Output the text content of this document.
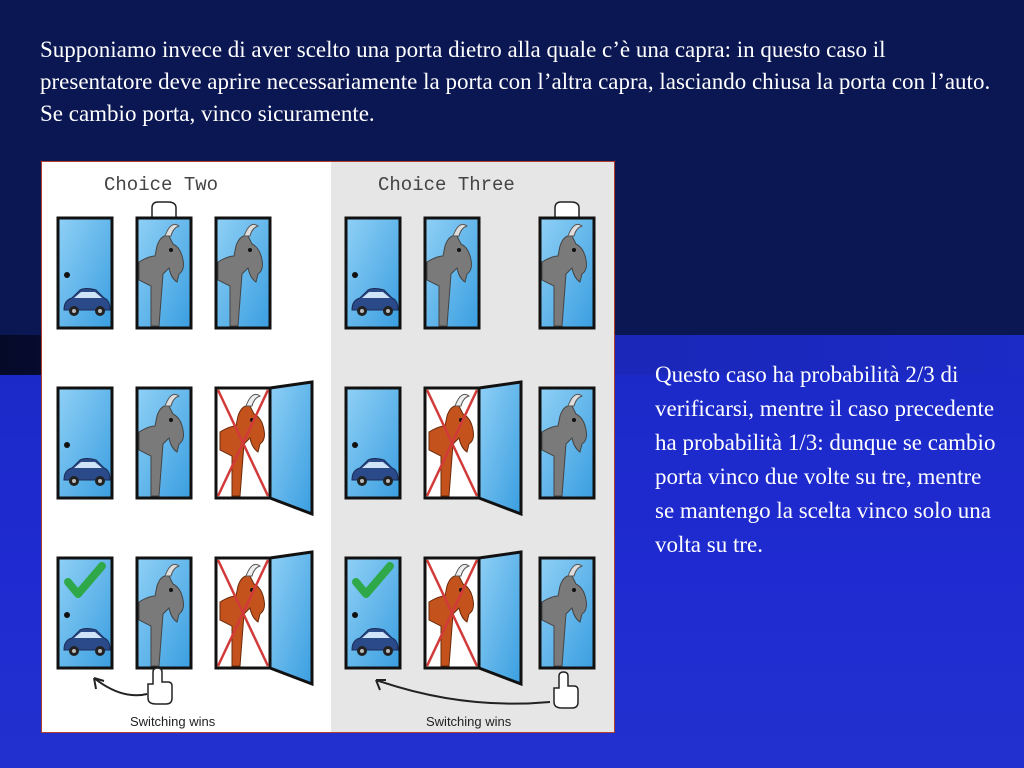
Supponiamo invece di aver scelto una porta dietro alla quale c’è una capra: in questo caso il presentatore deve aprire necessariamente la porta con l’altra capra, lasciando chiusa la porta con l’auto. Se cambio porta, vinco sicuramente.
Choice Two	Choice Three
Switching wins	Switching wins
Questo caso ha probabilità 2/3 di verificarsi, mentre il caso precedente ha probabilità 1/3: dunque se cambio porta vinco due volte su tre, mentre se mantengo la scelta vinco solo una volta su tre.
